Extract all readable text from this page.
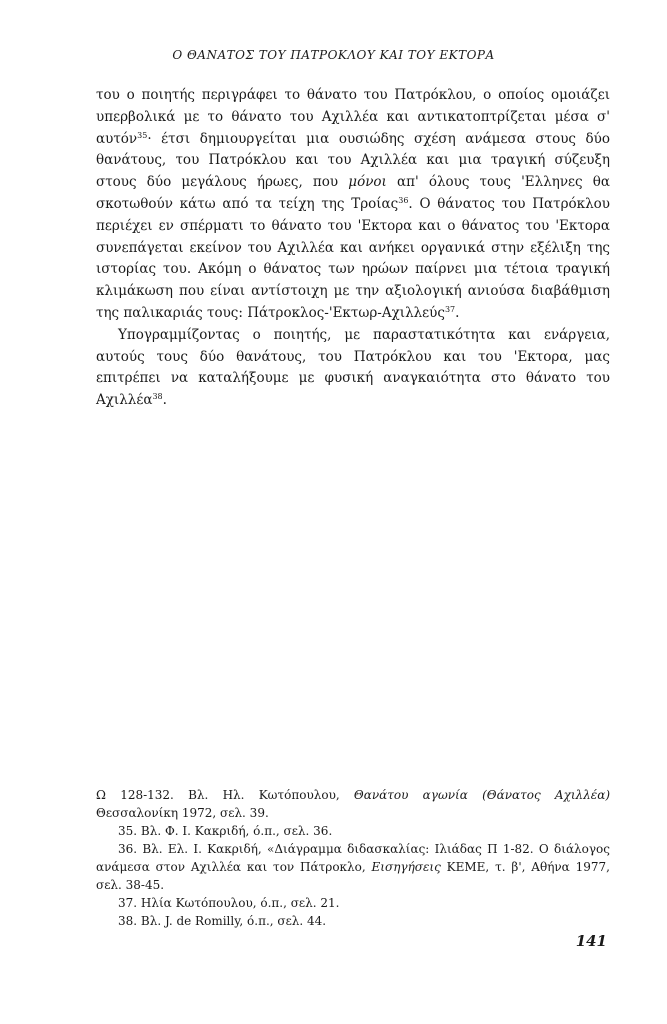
Ο ΘΑΝΑΤΟΣ ΤΟΥ ΠΑΤΡΟΚΛΟΥ ΚΑΙ ΤΟΥ ΕΚΤΟΡΑ

του ο ποιητής περιγράφει το θάνατο του Πατρόκλου, ο οποίος ομοιάζει υπερβολικά με το θάνατο του Αχιλλέα και αντικατοπτρίζεται μέσα σ' αυτόν$^{35}$· έτσι δημιουργείται μια ουσιώδης σχέση ανάμεσα στους δύο θανάτους, του Πατρόκλου και του Αχιλλέα και μια τραγική σύζευξη στους δύο μεγάλους ήρωες, που μόνοι απ' όλους τους 'Ελληνες θα σκοτωθούν κάτω από τα τείχη της Τροίας$^{36}$. Ο θάνατος του Πατρόκλου περιέχει εν σπέρματι το θάνατο του 'Εκτορα και ο θάνατος του 'Εκτορα συνεπάγεται εκείνον του Αχιλλέα και ανήκει οργανικά στην εξέλιξη της ιστορίας του. Ακόμη ο θάνατος των ηρώων παίρνει μια τέτοια τραγική κλιμάκωση που είναι αντίστοιχη με την αξιολογική ανιούσα διαβάθμιση της παλικαριάς τους: Πάτροκλος-'Εκτωρ-Αχιλλεύς$^{37}$.

Υπογραμμίζοντας ο ποιητής, με παραστατικότητα και ενάργεια, αυτούς τους δύο θανάτους, του Πατρόκλου και του 'Εκτορα, μας επιτρέπει να καταλήξουμε με φυσική αναγκαιότητα στο θάνατο του Αχιλλέα$^{38}$.

Ω 128-132. Βλ. Ηλ. Κωτόπουλου, Θανάτου αγωνία (Θάνατος Αχιλλέα) Θεσσαλονίκη 1972, σελ. 39.

35. Βλ. Φ. Ι. Κακριδή, ό.π., σελ. 36.

36. Βλ. Ελ. Ι. Κακριδή, «Διάγραμμα διδασκαλίας: Ιλιάδας Π 1-82. Ο διάλογος ανάμεσα στον Αχιλλέα και τον Πάτροκλο, Εισηγήσεις ΚΕΜΕ, τ. β', Αθήνα 1977, σελ. 38-45.

37. Ηλία Κωτόπουλου, ό.π., σελ. 21.

38. Βλ. J. de Romilly, ό.π., σελ. 44.

141
